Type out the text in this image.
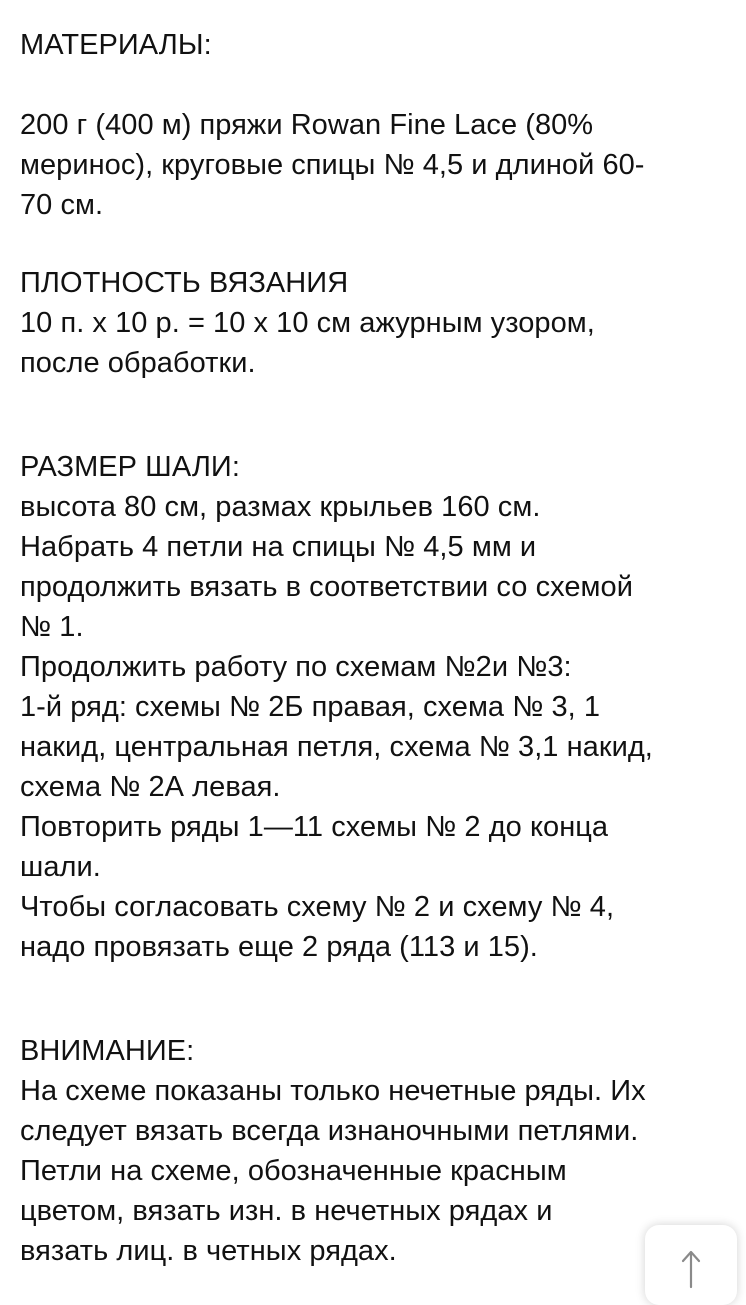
МАТЕРИАЛЫ:

200 г (400 м) пряжи Rowan Fine Lace (80%

меринос), круговые спицы № 4,5 и длиной 60-

70 см.

ПЛОТНОСТЬ ВЯЗАНИЯ

10 п. х 10 р. = 10 х 10 см ажурным узором,

после обработки.

РАЗМЕР ШАЛИ:

высота 80 см, размах крыльев 160 см.

Набрать 4 петли на спицы № 4,5 мм и

продолжить вязать в соответствии со схемой

№ 1.

Продолжить работу по схемам №2и №3:

1-й ряд: схемы № 2Б правая, схема № 3, 1

накид, центральная петля, схема № 3,1 накид,

схема № 2А левая.

Повторить ряды 1—11 схемы № 2 до конца

шали.

Чтобы согласовать схему № 2 и схему № 4,

надо провязать еще 2 ряда (113 и 15).

ВНИМАНИЕ:

На схеме показаны только нечетные ряды. Их

следует вязать всегда изнаночными петлями.

Петли на схеме, обозначенные красным

цветом, вязать изн. в нечетных рядах и

вязать лиц. в четных рядах.
